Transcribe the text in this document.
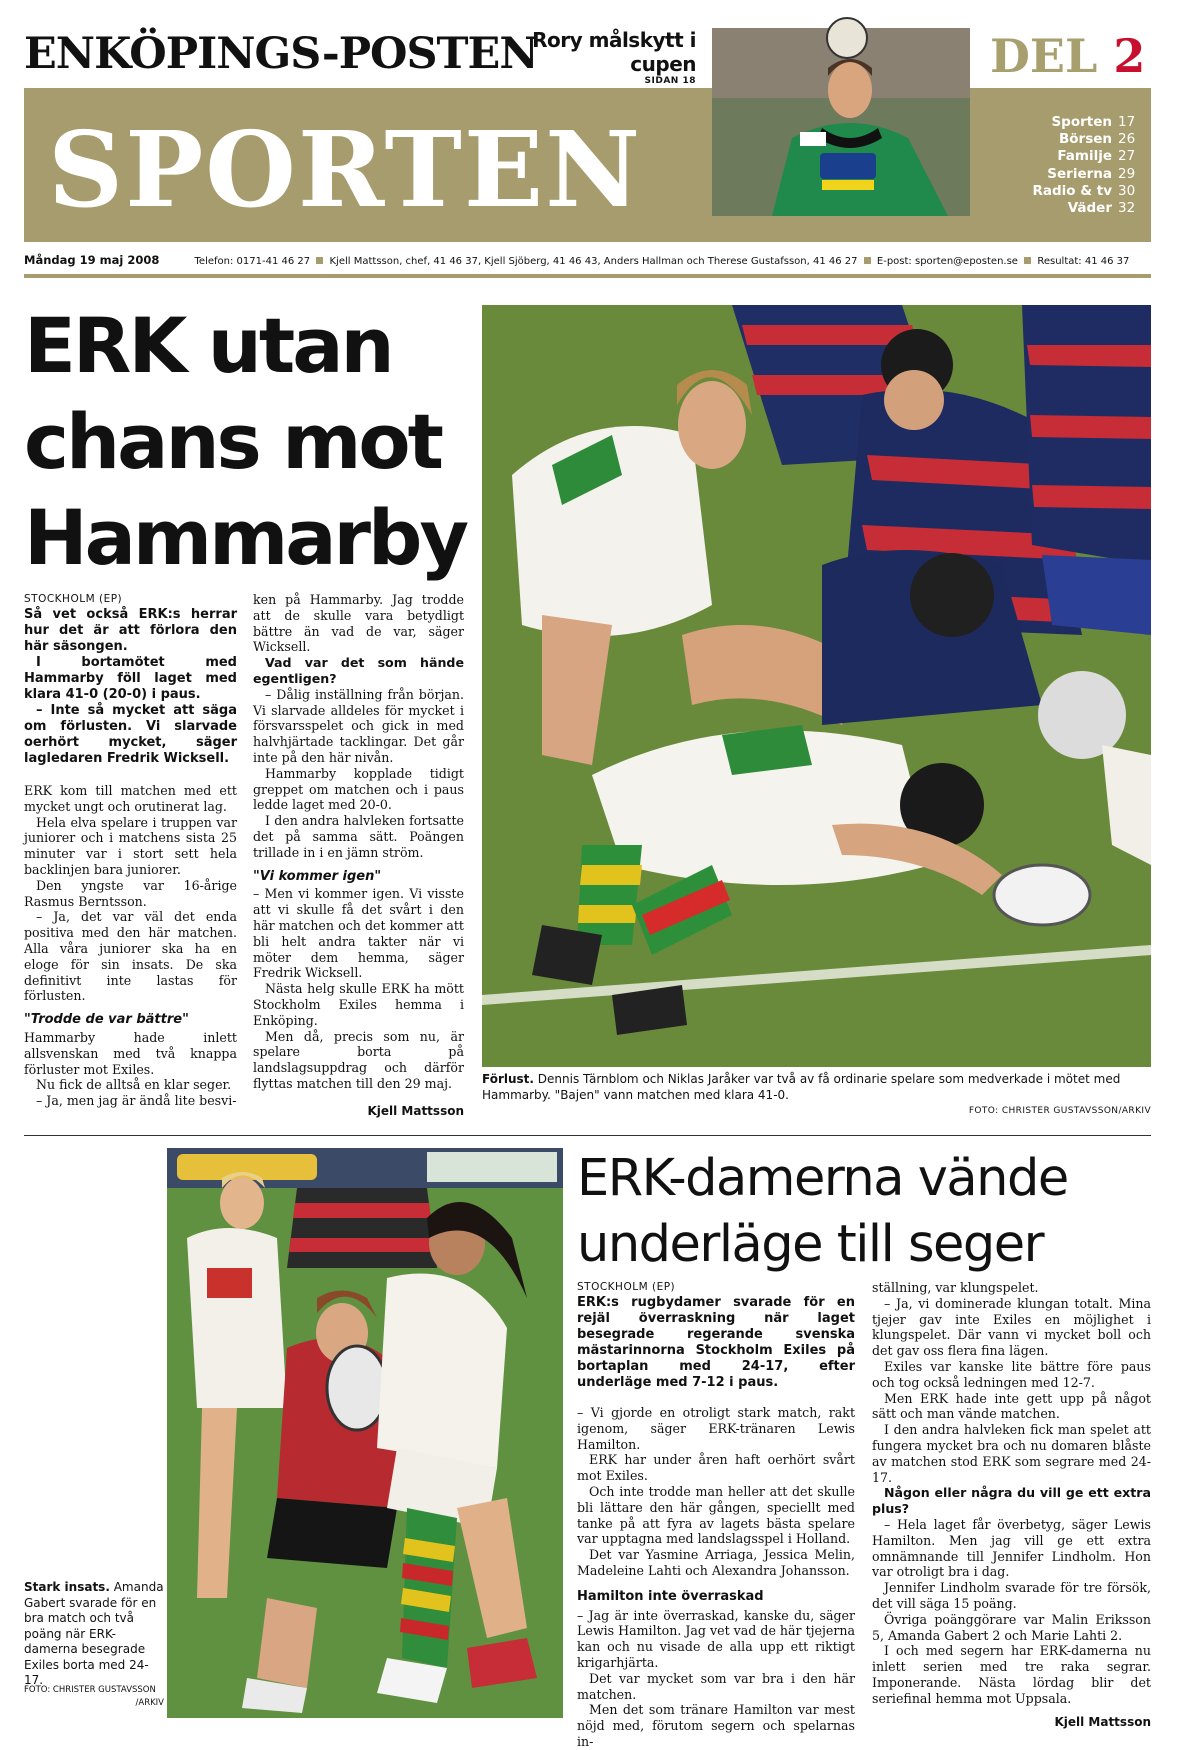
ENKÖPINGS-POSTEN
Rory målskytt i cupen
SIDAN 18
SPORTEN
DEL 2
Sporten 17
Börsen 26
Familje 27
Serierna 29
Radio & tv 30
Väder 32
Måndag 19 maj 2008	Telefon: 0171-41 46 27 Kjell Mattsson, chef, 41 46 37, Kjell Sjöberg, 41 46 43, Anders Hallman och Therese Gustafsson, 41 46 27 E-post: sporten@eposten.se Resultat: 41 46 37
ERK utan chans mot Hammarby
STOCKHOLM (EP)
Så vet också ERK:s herrar hur det är att förlora den här säsongen.
I bortamötet med Hammarby föll laget med klara 41-0 (20-0) i paus.
– Inte så mycket att säga om förlusten. Vi slarvade oerhört mycket, säger lagledaren Fredrik Wicksell.

ERK kom till matchen med ett mycket ungt och orutinerat lag.

Hela elva spelare i truppen var juniorer och i matchens sista 25 minuter var i stort sett hela backlinjen bara juniorer.

Den yngste var 16-årige Rasmus Berntsson.

– Ja, det var väl det enda positiva med den här matchen. Alla våra juniorer ska ha en eloge för sin insats. De ska definitivt inte lastas för förlusten.

"Trodde de var bättre"

Hammarby hade inlett allsvenskan med två knappa förluster mot Exiles.

Nu fick de alltså en klar seger.

– Ja, men jag är ändå lite besvi-

ken på Hammarby. Jag trodde att de skulle vara betydligt bättre än vad de var, säger Wicksell.

Vad var det som hände egentligen?

– Dålig inställning från början. Vi slarvade alldeles för mycket i försvarsspelet och gick in med halvhjärtade tacklingar. Det går inte på den här nivån.

Hammarby kopplade tidigt greppet om matchen och i paus ledde laget med 20-0.

I den andra halvleken fortsatte det på samma sätt. Poängen trillade in i en jämn ström.

"Vi kommer igen"

– Men vi kommer igen. Vi visste att vi skulle få det svårt i den här matchen och det kommer att bli helt andra takter när vi möter dem hemma, säger Fredrik Wicksell.

Nästa helg skulle ERK ha mött Stockholm Exiles hemma i Enköping.

Men då, precis som nu, är spelare borta på landslagsuppdrag och därför flyttas matchen till den 29 maj.

Kjell Mattsson
Förlust. Dennis Tärnblom och Niklas Jaråker var två av få ordinarie spelare som medverkade i mötet med Hammarby. "Bajen" vann matchen med klara 41-0.
FOTO: CHRISTER GUSTAVSSON/ARKIV
Stark insats. Amanda Gabert svarade för en bra match och två poäng när ERK-damerna besegrade Exiles borta med 24-17.
FOTO: CHRISTER GUSTAVSSON
/ARKIV
ERK-damerna vände underläge till seger
STOCKHOLM (EP)
ERK:s rugbydamer svarade för en rejäl överraskning när laget besegrade regerande svenska mästarinnorna Stockholm Exiles på bortaplan med 24-17, efter underläge med 7-12 i paus.

– Vi gjorde en otroligt stark match, rakt igenom, säger ERK-tränaren Lewis Hamilton.

ERK har under åren haft oerhört svårt mot Exiles.

Och inte trodde man heller att det skulle bli lättare den här gången, speciellt med tanke på att fyra av lagets bästa spelare var upptagna med landslagsspel i Holland.

Det var Yasmine Arriaga, Jessica Melin, Madeleine Lahti och Alexandra Johansson.

Hamilton inte överraskad

– Jag är inte överraskad, kanske du, säger Lewis Hamilton. Jag vet vad de här tjejerna kan och nu visade de alla upp ett riktigt krigarhjärta.

Det var mycket som var bra i den här matchen.

Men det som tränare Hamilton var mest nöjd med, förutom segern och spelarnas in-

ställning, var klungspelet.

– Ja, vi dominerade klungan totalt. Mina tjejer gav inte Exiles en möjlighet i klungspelet. Där vann vi mycket boll och det gav oss flera fina lägen.

Exiles var kanske lite bättre före paus och tog också ledningen med 12-7.

Men ERK hade inte gett upp på något sätt och man vände matchen.

I den andra halvleken fick man spelet att fungera mycket bra och nu domaren blåste av matchen stod ERK som segrare med 24-17.

Någon eller några du vill ge ett extra plus?

– Hela laget får överbetyg, säger Lewis Hamilton. Men jag vill ge ett extra omnämnande till Jennifer Lindholm. Hon var otroligt bra i dag.

Jennifer Lindholm svarade för tre försök, det vill säga 15 poäng.

Övriga poänggörare var Malin Eriksson 5, Amanda Gabert 2 och Marie Lahti 2.

I och med segern har ERK-damerna nu inlett serien med tre raka segrar. Imponerande. Nästa lördag blir det seriefinal hemma mot Uppsala.

Kjell Mattsson
